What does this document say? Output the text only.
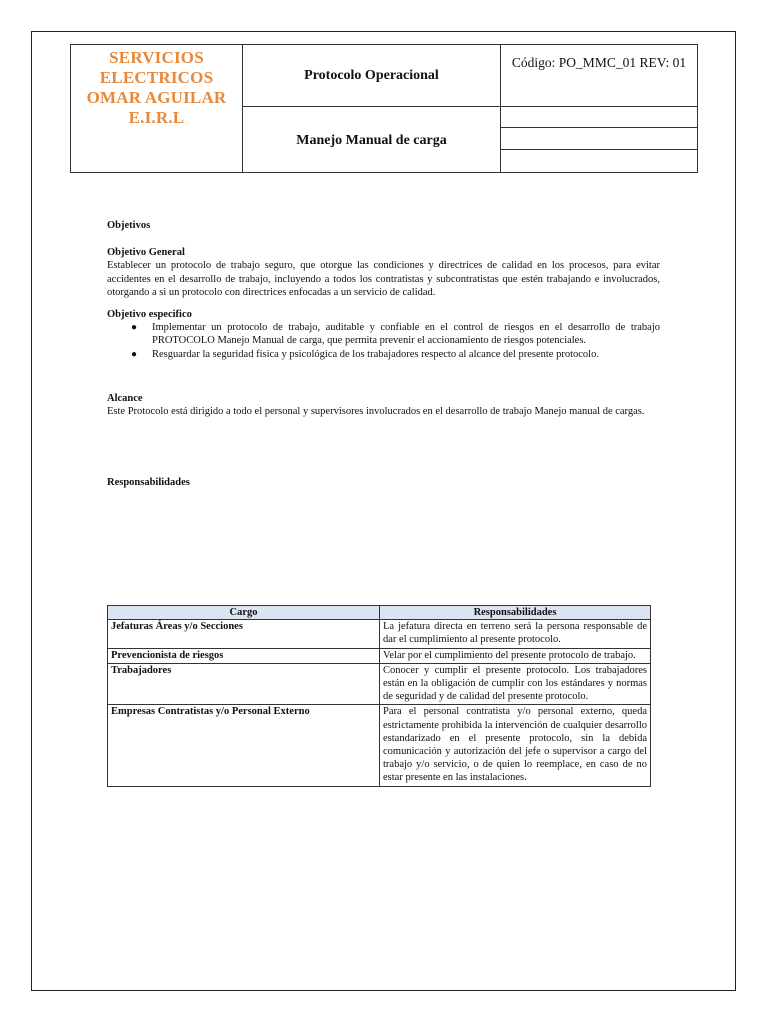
SERVICIOS
ELECTRICOS
OMAR AGUILAR
E.I.R.L
Protocolo Operacional
Manejo Manual de carga
Código: PO_MMC_01 REV: 01
Objetivos
Objetivo General
Establecer un protocolo de trabajo seguro, que otorgue las condiciones y directrices de calidad en los procesos, para evitar accidentes en el desarrollo de trabajo, incluyendo a todos los contratistas y subcontratistas que estén trabajando e involucrados, otorgando a si un protocolo con directrices enfocadas a un servicio de calidad.
Objetivo especifico
● Implementar un protocolo de trabajo, auditable y confiable en el control de riesgos en el desarrollo de trabajo PROTOCOLO Manejo Manual de carga, que permita prevenir el accionamiento de riesgos potenciales.
● Resguardar la seguridad física y psicológica de los trabajadores respecto al alcance del presente protocolo.
Alcance
Este Protocolo está dirigido a todo el personal y supervisores involucrados en el desarrollo de trabajo Manejo manual de cargas.
Responsabilidades
Cargo	Responsabilidades
Jefaturas Áreas y/o Secciones	La jefatura directa en terreno será la persona responsable de dar el cumplimiento al presente protocolo.
Prevencionista de riesgos	Velar por el cumplimiento del presente protocolo de trabajo.
Trabajadores	Conocer y cumplir el presente protocolo. Los trabajadores están en la obligación de cumplir con los estándares y normas de seguridad y de calidad del presente protocolo.
Empresas Contratistas y/o Personal Externo	Para el personal contratista y/o personal externo, queda estrictamente prohibida la intervención de cualquier desarrollo estandarizado en el presente protocolo, sin la debida comunicación y autorización del jefe o supervisor a cargo del trabajo y/o servicio, o de quien lo reemplace, en caso de no estar presente en las instalaciones.
